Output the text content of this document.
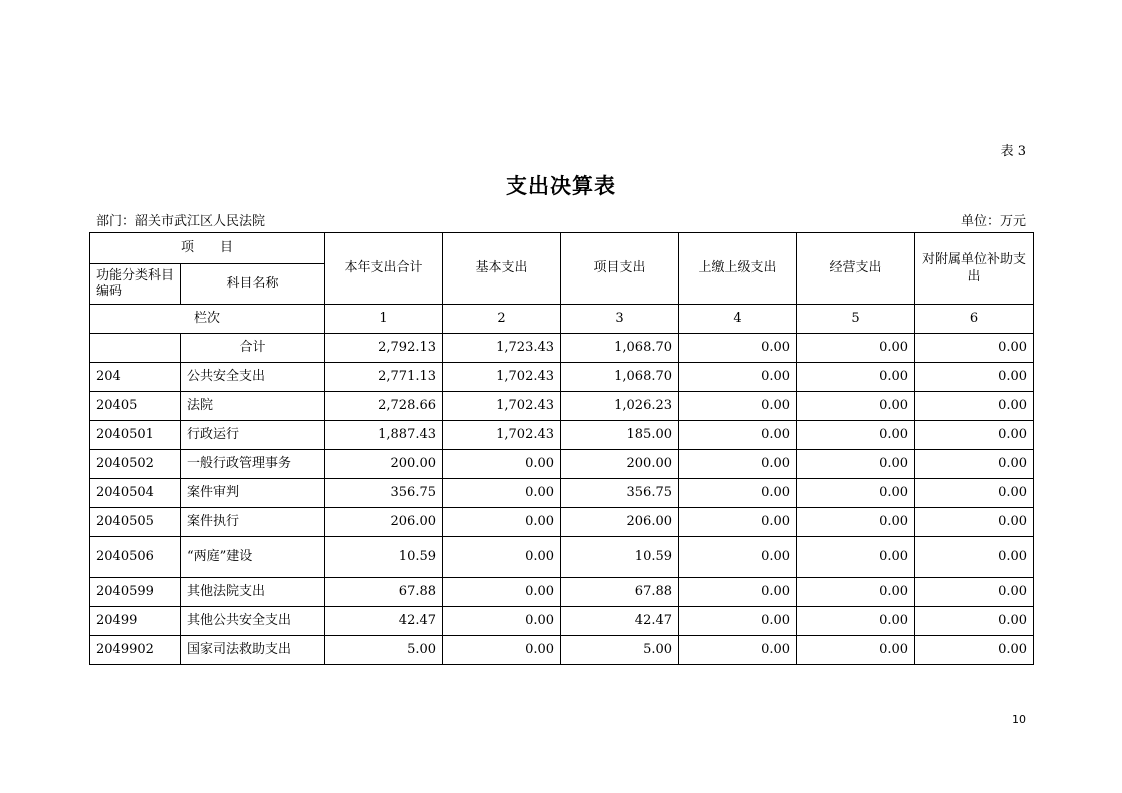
表 3
支出决算表
部门：韶关市武江区人民法院	单位：万元
项　　目		本年支出合计	基本支出	项目支出	上缴上级支出	经营支出	对附属单位补助支出
功能分类科目编码	科目名称						
栏次		1	2	3	4	5	6
	合计	2,792.13	1,723.43	1,068.70	0.00	0.00	0.00
204	公共安全支出	2,771.13	1,702.43	1,068.70	0.00	0.00	0.00
20405	法院	2,728.66	1,702.43	1,026.23	0.00	0.00	0.00
2040501	行政运行	1,887.43	1,702.43	185.00	0.00	0.00	0.00
2040502	一般行政管理事务	200.00	0.00	200.00	0.00	0.00	0.00
2040504	案件审判	356.75	0.00	356.75	0.00	0.00	0.00
2040505	案件执行	206.00	0.00	206.00	0.00	0.00	0.00
2040506	“两庭”建设	10.59	0.00	10.59	0.00	0.00	0.00
2040599	其他法院支出	67.88	0.00	67.88	0.00	0.00	0.00
20499	其他公共安全支出	42.47	0.00	42.47	0.00	0.00	0.00
2049902	国家司法救助支出	5.00	0.00	5.00	0.00	0.00	0.00
10
